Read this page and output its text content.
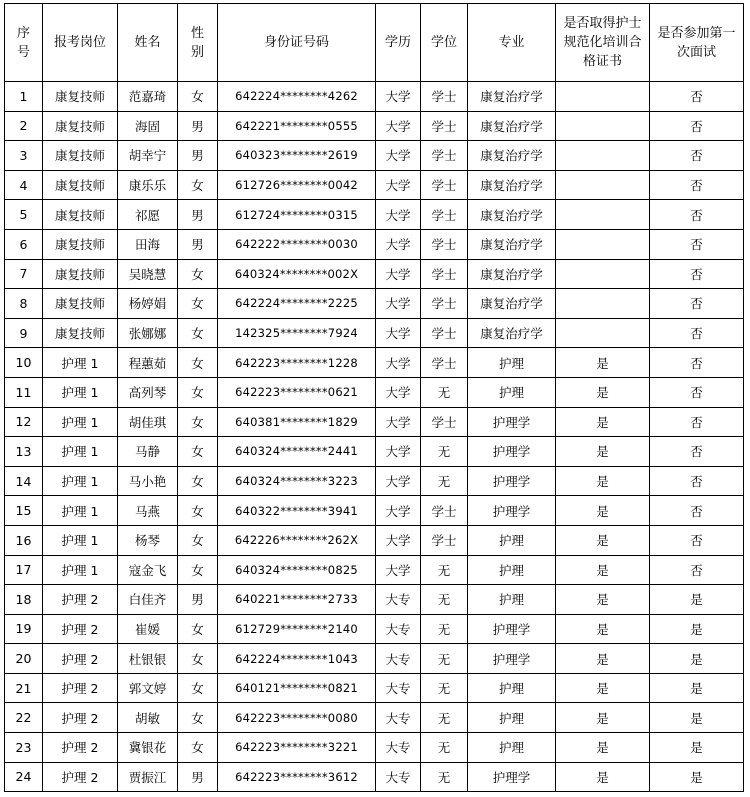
序号	报考岗位	姓名	性别	身份证号码	学历	学位	专业	是否取得护士规范化培训合格证书	是否参加第一次面试
1	康复技师	范嘉琦	女	642224********4262	大学	学士	康复治疗学		否
2	康复技师	海固	男	642221********0555	大学	学士	康复治疗学		否
3	康复技师	胡幸宁	男	640323********2619	大学	学士	康复治疗学		否
4	康复技师	康乐乐	女	612726********0042	大学	学士	康复治疗学		否
5	康复技师	祁愿	男	612724********0315	大学	学士	康复治疗学		否
6	康复技师	田海	男	642222********0030	大学	学士	康复治疗学		否
7	康复技师	吴晓慧	女	640324********002X	大学	学士	康复治疗学		否
8	康复技师	杨婷娟	女	642224********2225	大学	学士	康复治疗学		否
9	康复技师	张娜娜	女	142325********7924	大学	学士	康复治疗学		否
10	护理 1	程蕙茹	女	642223********1228	大学	学士	护理	是	否
11	护理 1	高列琴	女	642223********0621	大学	无	护理	是	否
12	护理 1	胡佳琪	女	640381********1829	大学	学士	护理学	是	否
13	护理 1	马静	女	640324********2441	大学	无	护理学	是	否
14	护理 1	马小艳	女	640324********3223	大学	无	护理学	是	否
15	护理 1	马燕	女	640322********3941	大学	学士	护理学	是	否
16	护理 1	杨琴	女	642226********262X	大学	学士	护理	是	否
17	护理 1	寇金飞	女	640324********0825	大学	无	护理	是	否
18	护理 2	白佳齐	男	640221********2733	大专	无	护理	是	是
19	护理 2	崔媛	女	612729********2140	大专	无	护理学	是	是
20	护理 2	杜银银	女	642224********1043	大专	无	护理学	是	是
21	护理 2	郭文婷	女	640121********0821	大专	无	护理	是	是
22	护理 2	胡敏	女	642223********0080	大专	无	护理	是	是
23	护理 2	冀银花	女	642223********3221	大专	无	护理	是	是
24	护理 2	贾振江	男	642223********3612	大专	无	护理学	是	是
